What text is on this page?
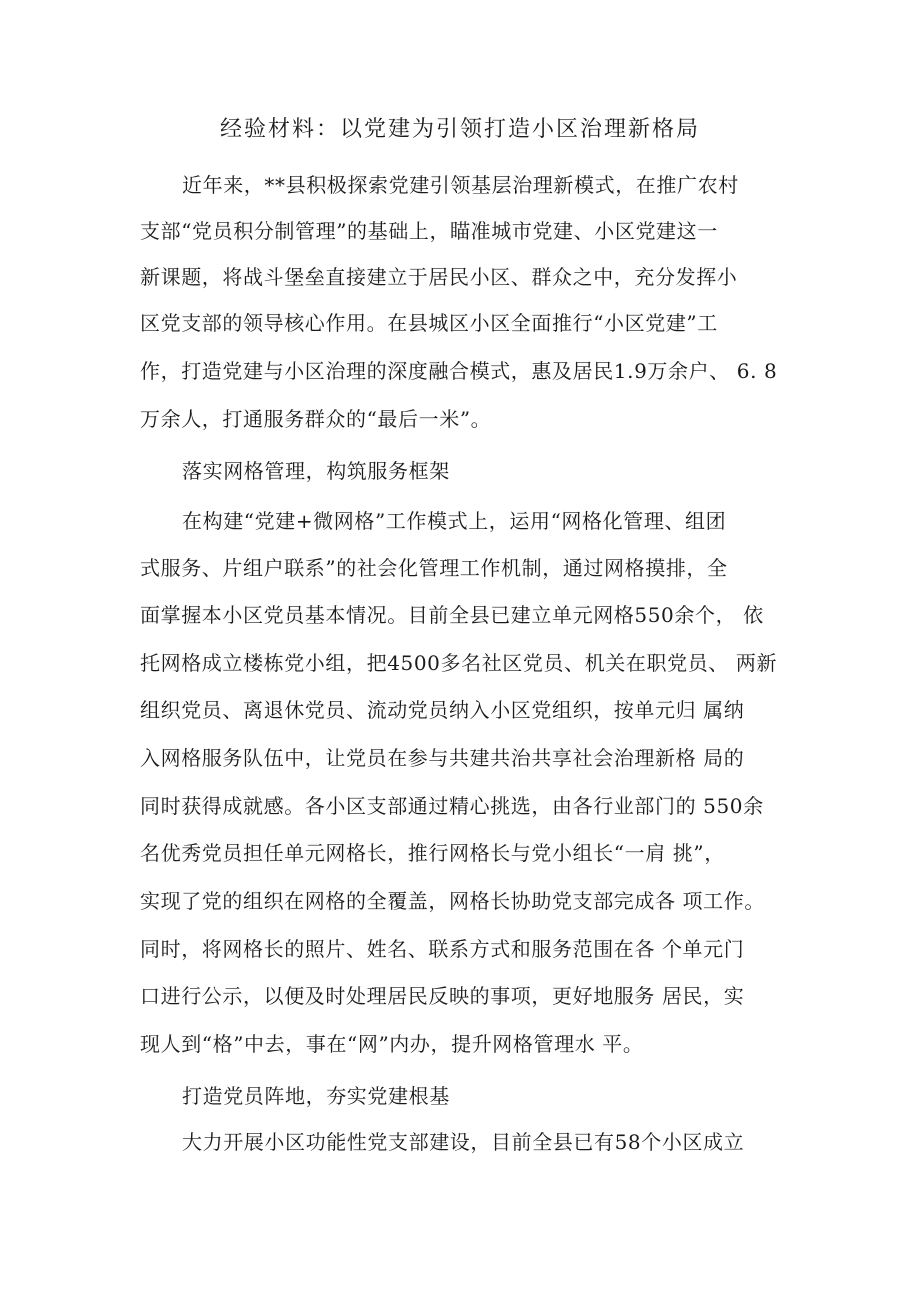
经验材料：以党建为引领打造小区治理新格局
近年来，**县积极探索党建引领基层治理新模式，在推广农村
支部“党员积分制管理”的基础上，瞄准城市党建、小区党建这一
新课题，将战斗堡垒直接建立于居民小区、群众之中，充分发挥小
区党支部的领导核心作用。在县城区小区全面推行“小区党建”工
作，打造党建与小区治理的深度融合模式，惠及居民1.9万余户、 6. 8
万余人，打通服务群众的“最后一米”。
落实网格管理，构筑服务框架
在构建“党建+微网格”工作模式上，运用“网格化管理、组团
式服务、片组户联系”的社会化管理工作机制，通过网格摸排，全
面掌握本小区党员基本情况。目前全县已建立单元网格550余个， 依
托网格成立楼栋党小组，把4500多名社区党员、机关在职党员、 两新
组织党员、离退休党员、流动党员纳入小区党组织，按单元归 属纳
入网格服务队伍中，让党员在参与共建共治共享社会治理新格 局的
同时获得成就感。各小区支部通过精心挑选，由各行业部门的 550余
名优秀党员担任单元网格长，推行网格长与党小组长“一肩 挑”，
实现了党的组织在网格的全覆盖，网格长协助党支部完成各 项工作。
同时，将网格长的照片、姓名、联系方式和服务范围在各 个单元门
口进行公示，以便及时处理居民反映的事项，更好地服务 居民，实
现人到“格”中去，事在“网”内办，提升网格管理水 平。
打造党员阵地，夯实党建根基
大力开展小区功能性党支部建设，目前全县已有58个小区成立
